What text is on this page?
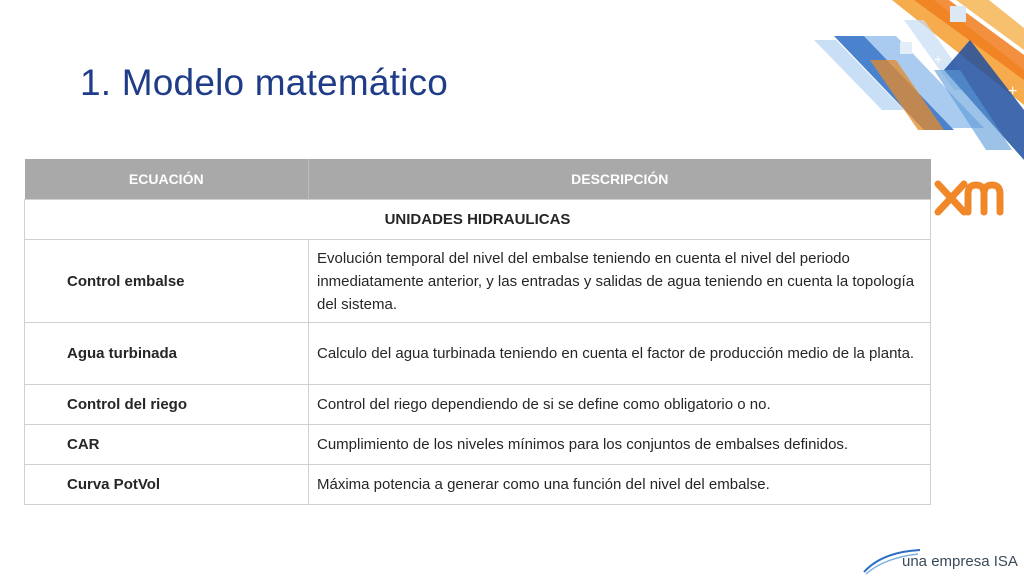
1. Modelo matemático	+
+
una empresa ISA
ECUACIÓN	DESCRIPCIÓN
UNIDADES HIDRAULICAS	
Control embalse	Evolución temporal del nivel del embalse teniendo en cuenta el nivel del periodo inmediatamente anterior, y las entradas y salidas de agua teniendo en cuenta la topología del sistema.
Agua turbinada	Calculo del agua turbinada teniendo en cuenta el factor de producción medio de la planta.
Control del riego	Control del riego dependiendo de si se define como obligatorio o no.
CAR	Cumplimiento de los niveles mínimos para los conjuntos de embalses definidos.
Curva PotVol	Máxima potencia a generar como una función del nivel del embalse.
